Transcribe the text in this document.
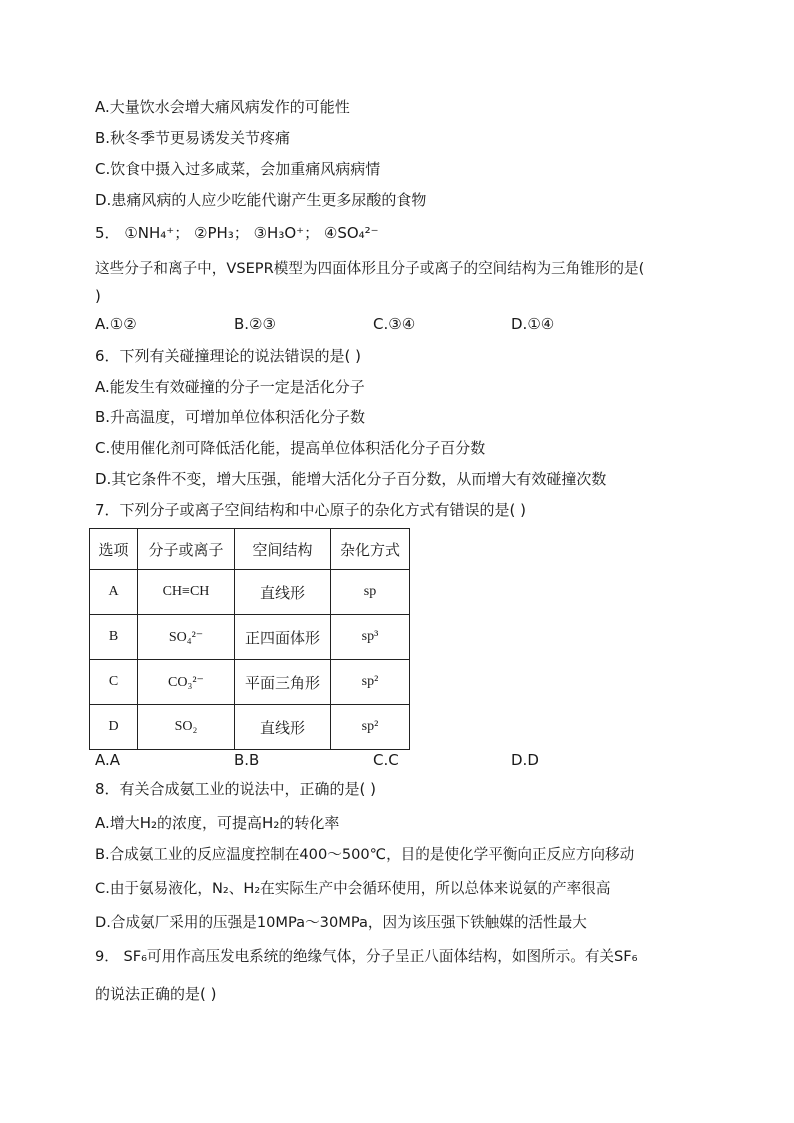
A.大量饮水会增大痛风病发作的可能性
B.秋冬季节更易诱发关节疼痛
C.饮食中摄入过多咸菜，会加重痛风病病情
D.患痛风病的人应少吃能代谢产生更多尿酸的食物
5． ①NH₄⁺； ②PH₃； ③H₃O⁺； ④SO₄²⁻
这些分子和离子中，VSEPR模型为四面体形且分子或离子的空间结构为三角锥形的是(
)
A.①②	B.②③	C.③④	D.①④
6．下列有关碰撞理论的说法错误的是( )
A.能发生有效碰撞的分子一定是活化分子
B.升高温度，可增加单位体积活化分子数
C.使用催化剂可降低活化能，提高单位体积活化分子百分数
D.其它条件不变，增大压强，能增大活化分子百分数，从而增大有效碰撞次数
7．下列分子或离子空间结构和中心原子的杂化方式有错误的是( )
选项	分子或离子	空间结构	杂化方式
A	CH≡CH	直线形	sp
B	SO₄²⁻	正四面体形	sp³
C	CO₃²⁻	平面三角形	sp²
D	SO₂	直线形	sp²
A.A	B.B	C.C	D.D
8．有关合成氨工业的说法中，正确的是( )
A.增大H₂的浓度，可提高H₂的转化率
B.合成氨工业的反应温度控制在400～500℃，目的是使化学平衡向正反应方向移动
C.由于氨易液化，N₂、H₂在实际生产中会循环使用，所以总体来说氨的产率很高
D.合成氨厂采用的压强是10MPa～30MPa，因为该压强下铁触媒的活性最大
9． SF₆可用作高压发电系统的绝缘气体，分子呈正八面体结构，如图所示。有关SF₆
的说法正确的是( )
